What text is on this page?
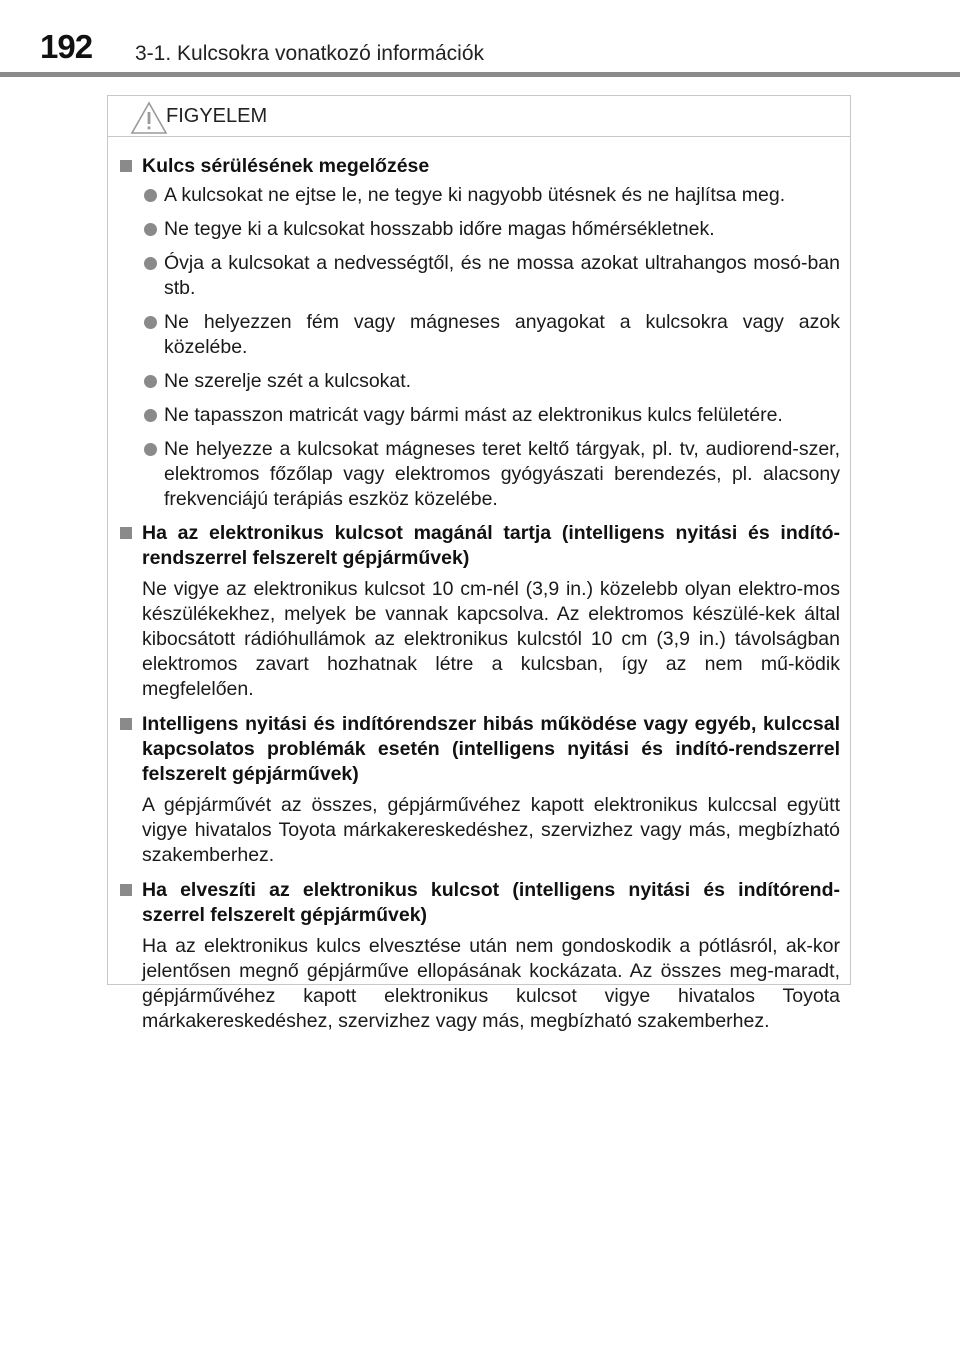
192 3-1. Kulcsokra vonatkozó információk
FIGYELEM
Kulcs sérülésének megelőzése
A kulcsokat ne ejtse le, ne tegye ki nagyobb ütésnek és ne hajlítsa meg.
Ne tegye ki a kulcsokat hosszabb időre magas hőmérsékletnek.
Óvja a kulcsokat a nedvességtől, és ne mossa azokat ultrahangos mosó-ban stb.
Ne helyezzen fém vagy mágneses anyagokat a kulcsokra vagy azok közelébe.
Ne szerelje szét a kulcsokat.
Ne tapasszon matricát vagy bármi mást az elektronikus kulcs felületére.
Ne helyezze a kulcsokat mágneses teret keltő tárgyak, pl. tv, audiorend-szer, elektromos főzőlap vagy elektromos gyógyászati berendezés, pl. alacsony frekvenciájú terápiás eszköz közelébe.
Ha az elektronikus kulcsot magánál tartja (intelligens nyitási és indító-rendszerrel felszerelt gépjárművek)
Ne vigye az elektronikus kulcsot 10 cm-nél (3,9 in.) közelebb olyan elektro-mos készülékekhez, melyek be vannak kapcsolva. Az elektromos készülé-kek által kibocsátott rádióhullámok az elektronikus kulcstól 10 cm (3,9 in.) távolságban elektromos zavart hozhatnak létre a kulcsban, így az nem mű-ködik megfelelően.
Intelligens nyitási és indítórendszer hibás működése vagy egyéb, kulccsal kapcsolatos problémák esetén (intelligens nyitási és indító-rendszerrel felszerelt gépjárművek)
A gépjárművét az összes, gépjárművéhez kapott elektronikus kulccsal együtt vigye hivatalos Toyota márkakereskedéshez, szervizhez vagy más, megbízható szakemberhez.
Ha elveszíti az elektronikus kulcsot (intelligens nyitási és indítórend-szerrel felszerelt gépjárművek)
Ha az elektronikus kulcs elvesztése után nem gondoskodik a pótlásról, ak-kor jelentősen megnő gépjárműve ellopásának kockázata. Az összes meg-maradt, gépjárművéhez kapott elektronikus kulcsot vigye hivatalos Toyota márkakereskedéshez, szervizhez vagy más, megbízható szakemberhez.
